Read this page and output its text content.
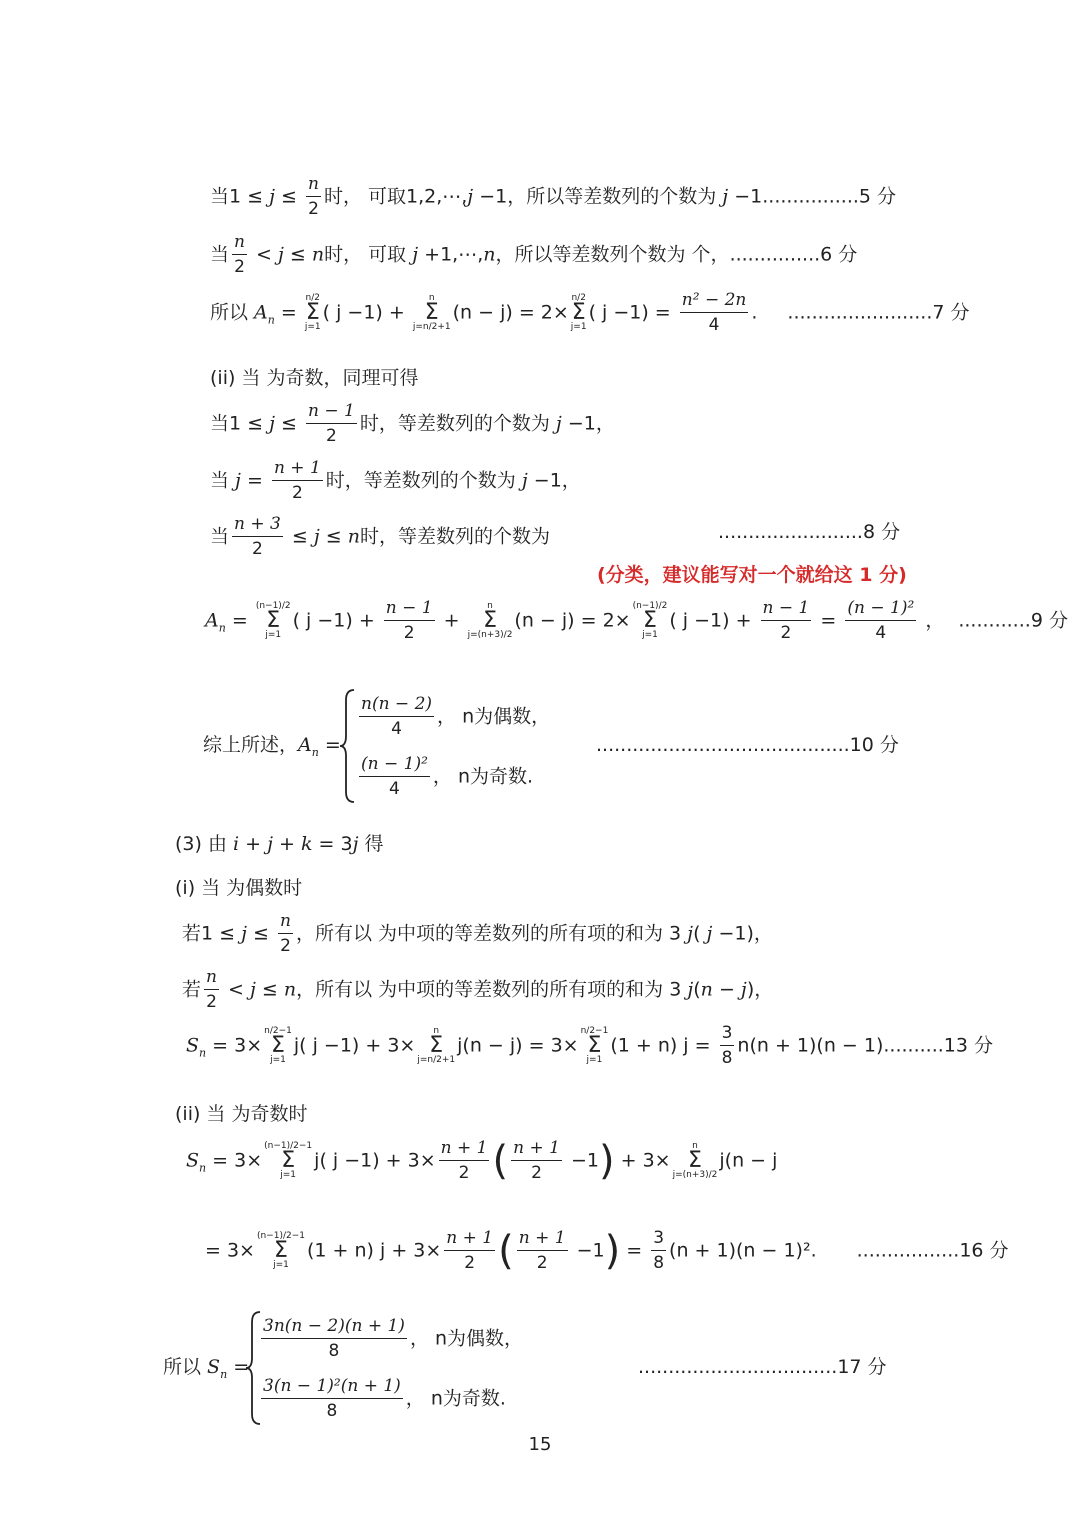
当$1 \le j \le \frac{n}{2}$ 时， 可取1,2,⋯,j −1，所以等差数列的个数为 j −1................5 分
当 $\frac{n}{2} < j \le n$时， 可取 j +1,⋯,n，所以等差数列个数为 个，...............6 分
所以 $A_n$ =
n/2
Σ
j=1
( j −1) +
n
Σ
j=n/2+1
(n − j) = 2×
n/2
Σ
j=1
( $j -1) = \frac{\text{n² − 2n}}{4}$ . ........................7 分
(ii) 当 为奇数，同理可得
当$1 \le j \le \frac{n - 1}{2}$ 时，等差数列的个数为 j −1，
当 $j = \frac{n + 1}{2}$ 时，等差数列的个数为 j −1，
当 $\frac{n + 3}{2} \le j \le n$时，等差数列的个数为	........................8 分
(分类，建议能写对一个就给这 1 分)
$A_n$ =
(n−1)/2
Σ
j=1
( $j -1) + \frac{n - 1}{2}$ +
n
Σ
j=(n+3)/2
(n − j) = 2×
(n−1)/2
Σ
j=1
( $j -1) + \frac{n - 1}{2} = \frac{\text{(n − 1)²}}{4}$ ， ............9 分
综上所述，$A_n$ =
$\frac{n(n - 2)}{4}$ ， n为偶数，
$\frac{\text{(n − 1)²}}{4}$ ， n为奇数.
..........................................10 分
(3) 由 i + j + k = 3j 得
(i) 当 为偶数时
若$1 \le j \le \frac{n}{2}$ ，所有以 为中项的等差数列的所有项的和为 3 j( j −1)，
若 $\frac{n}{2} < j \le n$，所有以 为中项的等差数列的所有项的和为 3 j(n − j)，
$S_n = 3\times$
n/2−1
Σ
j=1
j( j −1) + 3×
n
Σ
j=n/2+1
j(n − j) = 3×
n/2−1
Σ
j=1
(1 + n) $j = \frac{3}{8} n(n + 1)(n - 1)..........13$ 分
(ii) 当 为奇数时
$S_n = 3\times$
(n−1)/2−1
Σ
j=1
j( $j -1) + 3\times \frac{n + 1}{2}$ ( $\frac{n + 1}{2} -1) + 3\times$
n
Σ
j=(n+3)/2
j(n − j
= 3×
(n−1)/2−1
Σ
j=1
(1 + n) $j + 3\times \frac{n + 1}{2}$ ( $\frac{n + 1}{2} -1) = \frac{3}{8} (n + 1)(n - 1)^2$. .................16 分
所以 $S_n$ =
$\frac{3n(n - 2)(n + 1)}{8}$ ， n为偶数，
$\frac{\text{3(n − 1)²(n + 1)}}{8}$ ， n为奇数.
.................................17 分
15
